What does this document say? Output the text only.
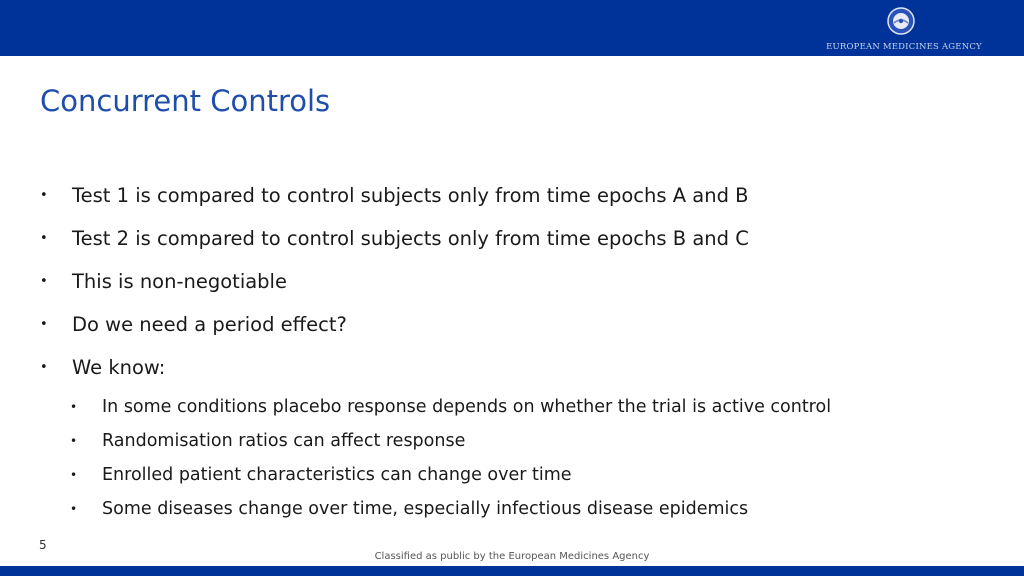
EUROPEAN MEDICINES AGENCY
Concurrent Controls
• Test 1 is compared to control subjects only from time epochs A and B
• Test 2 is compared to control subjects only from time epochs B and C
• This is non-negotiable
• Do we need a period effect?
• We know:
• In some conditions placebo response depends on whether the trial is active control
• Randomisation ratios can affect response
• Enrolled patient characteristics can change over time
• Some diseases change over time, especially infectious disease epidemics
5
Classified as public by the European Medicines Agency
